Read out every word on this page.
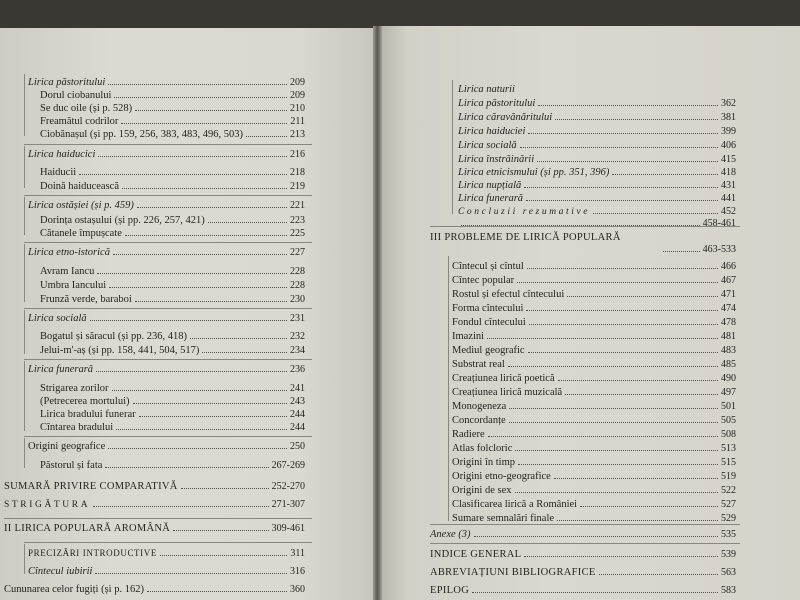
Lirica păstoritului	209
Dorul ciobanului	209
Se duc oile (și p. 528)	210
Freamătul codrilor	211
Ciobănașul (și pp. 159, 256, 383, 483, 496, 503)	213
Lirica haiducici	216
Haiducii	218
Doină haiducească	219
Lirica ostășiei (și p. 459)	221
Dorința ostașului (și pp. 226, 257, 421)	223
Cătanele împușcate	225
Lirica etno-istorică	227
Avram Iancu	228
Umbra Iancului	228
Frunză verde, baraboi	230
Lirica socială	231
Bogatul și săracul (și pp. 236, 418)	232
Jelui-m'-aș (și pp. 158, 441, 504, 517)	234
Lirica funerară	236
Strigarea zorilor	241
(Petrecerea mortului)	243
Lirica bradului funerar	244
Cîntarea bradului	244
Origini geografice	250
Păstorul și fata	267-269
SUMARĂ PRIVIRE COMPARATIVĂ	252-270
STRIGĂTURA	271-307
II LIRICA POPULARĂ AROMÂNĂ	309-461
PRECIZĂRI INTRODUCTIVE	311
Cîntecul iubirii	316
Cununarea celor fugiți (și p. 162)	360
Lirica naturii
Lirica păstoritului	362
Lirica căravănăritului	381
Lirica haiduciei	399
Lirica socială	406
Lirica înstrăinării	415
Lirica etnicismului (și pp. 351, 396)	418
Lirica nupțială	431
Lirica funerară	441
Concluzii rezumative	452
458-461
III PROBLEME DE LIRICĂ POPULARĂ
463-533
Cîntecul și cîntul	466
Cîntec popular	467
Rostul și efectul cîntecului	471
Forma cîntecului	474
Fondul cîntecului	478
Imazini	481
Mediul geografic	483
Substrat real	485
Creațiunea lirică poetică	490
Creațiunea lirică muzicală	497
Monogeneza	501
Concordanțe	505
Radiere	508
Atlas folcloric	513
Origini în timp	515
Origini etno-geografice	519
Origini de sex	522
Clasificarea lirică a României	527
Sumare semnalări finale	529
Anexe (3)	535
INDICE GENERAL	539
ABREVIAȚIUNI BIBLIOGRAFICE	563
EPILOG	583
